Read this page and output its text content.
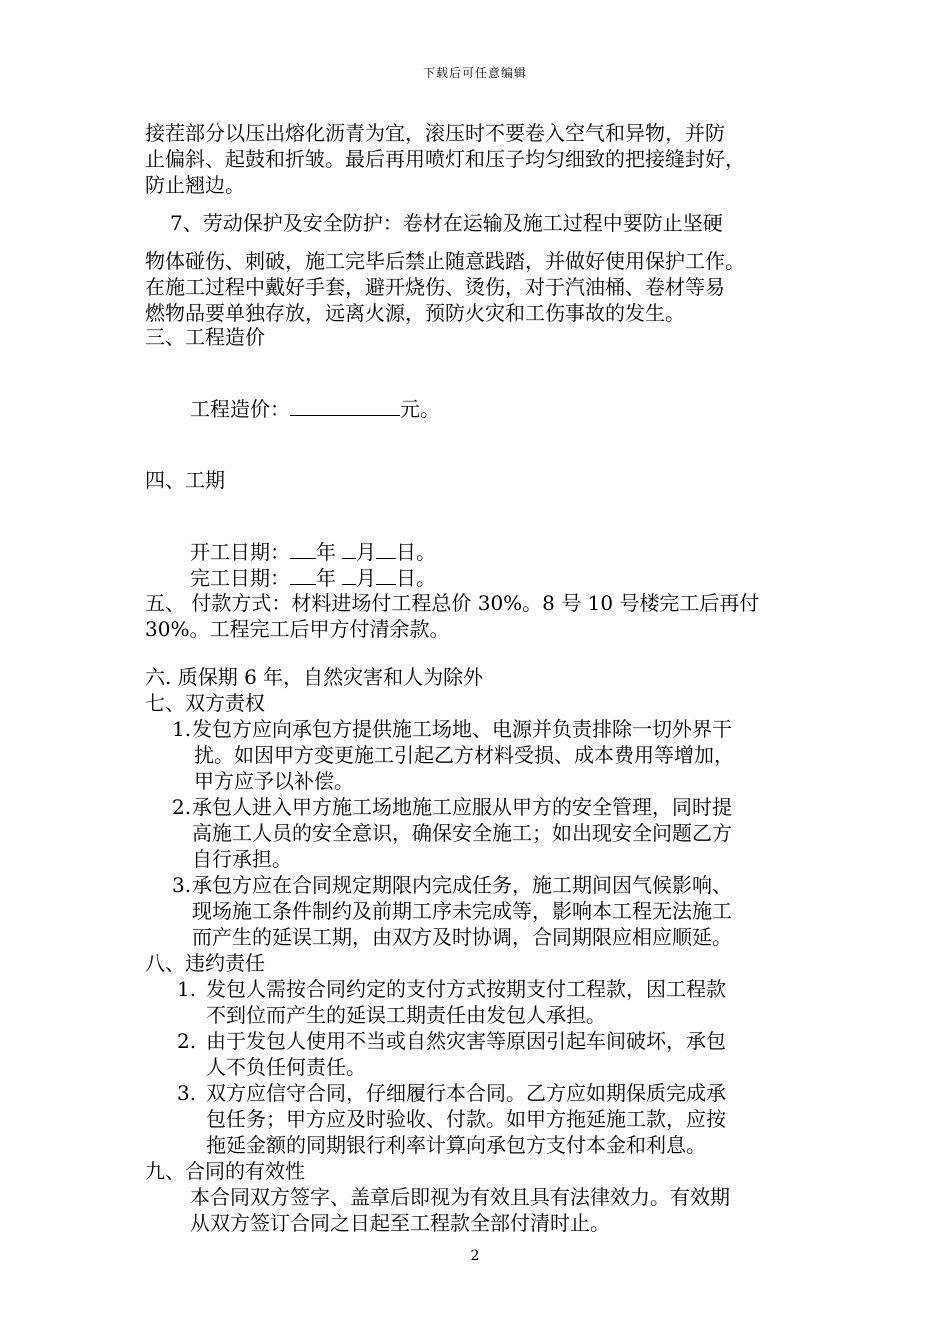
下载后可任意编辑
接茬部分以压出熔化沥青为宜，滚压时不要卷入空气和异物，并防
止偏斜、起鼓和折皱。最后再用喷灯和压子均匀细致的把接缝封好，
防止翘边。
7、劳动保护及安全防护：卷材在运输及施工过程中要防止坚硬
物体碰伤、刺破，施工完毕后禁止随意践踏，并做好使用保护工作。
在施工过程中戴好手套，避开烧伤、烫伤，对于汽油桶、卷材等易
燃物品要单独存放，远离火源，预防火灾和工伤事故的发生。
三、工程造价
工程造价：	元。
四、工期
开工日期： 年 月 日。
完工日期： 年 月 日。
五、 付款方式：材料进场付工程总价 30%。8 号 10 号楼完工后再付
30%。工程完工后甲方付清余款。
六. 质保期 6 年，自然灾害和人为除外
七、双方责权
1.发包方应向承包方提供施工场地、电源并负责排除一切外界干
扰。如因甲方变更施工引起乙方材料受损、成本费用等增加，
甲方应予以补偿。
2.承包人进入甲方施工场地施工应服从甲方的安全管理，同时提
高施工人员的安全意识，确保安全施工；如出现安全问题乙方
自行承担。
3.承包方应在合同规定期限内完成任务，施工期间因气候影响、
现场施工条件制约及前期工序未完成等，影响本工程无法施工
而产生的延误工期，由双方及时协调，合同期限应相应顺延。
八、违约责任
1. 发包人需按合同约定的支付方式按期支付工程款，因工程款
不到位而产生的延误工期责任由发包人承担。
2. 由于发包人使用不当或自然灾害等原因引起车间破坏，承包
人不负任何责任。
3. 双方应信守合同，仔细履行本合同。乙方应如期保质完成承
包任务；甲方应及时验收、付款。如甲方拖延施工款，应按
拖延金额的同期银行利率计算向承包方支付本金和利息。
九、合同的有效性
本合同双方签字、盖章后即视为有效且具有法律效力。有效期
从双方签订合同之日起至工程款全部付清时止。
2
